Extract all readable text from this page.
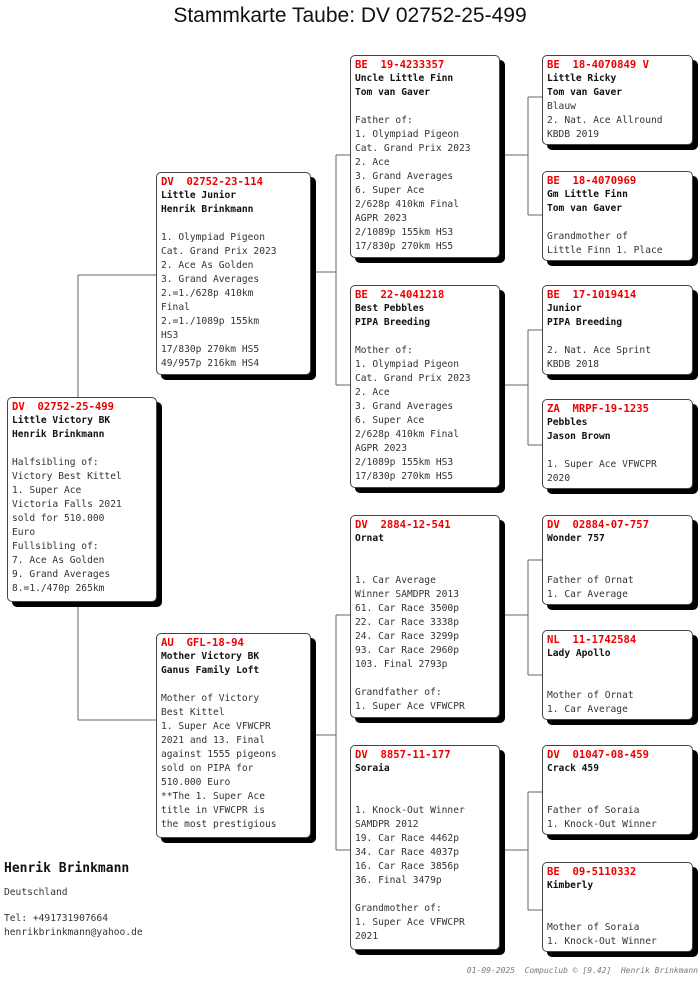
Stammkarte Taube: DV 02752-25-499
DV  02752-25-499
Little Victory BK
Henrik Brinkmann
Halfsibling of:
Victory Best Kittel
1. Super Ace
Victoria Falls 2021
sold for 510.000
Euro
Fullsibling of:
7. Ace As Golden
9. Grand Averages
8.=1./470p 265km
DV  02752-23-114
Little Junior
Henrik Brinkmann
1. Olympiad Pigeon
Cat. Grand Prix 2023
2. Ace As Golden
3. Grand Averages
2.=1./628p 410km
Final
2.=1./1089p 155km
HS3
17/830p 270km HS5
49/957p 216km HS4
AU  GFL-18-94
Mother Victory BK
Ganus Family Loft
Mother of Victory
Best Kittel
1. Super Ace VFWCPR
2021 and 13. Final
against 1555 pigeons
sold on PIPA for
510.000 Euro
**The 1. Super Ace
title in VFWCPR is
the most prestigious
BE  19-4233357
Uncle Little Finn
Tom van Gaver
Father of:
1. Olympiad Pigeon
Cat. Grand Prix 2023
2. Ace
3. Grand Averages
6. Super Ace
2/628p 410km Final
AGPR 2023
2/1089p 155km HS3
17/830p 270km HS5
BE  22-4041218
Best Pebbles
PIPA Breeding
Mother of:
1. Olympiad Pigeon
Cat. Grand Prix 2023
2. Ace
3. Grand Averages
6. Super Ace
2/628p 410km Final
AGPR 2023
2/1089p 155km HS3
17/830p 270km HS5
DV  2884-12-541
Ornat
1. Car Average
Winner SAMDPR 2013
61. Car Race 3500p
22. Car Race 3338p
24. Car Race 3299p
93. Car Race 2960p
103. Final 2793p
Grandfather of:
1. Super Ace VFWCPR
DV  8857-11-177
Soraia
1. Knock-Out Winner
SAMDPR 2012
19. Car Race 4462p
34. Car Race 4037p
16. Car Race 3856p
36. Final 3479p
Grandmother of:
1. Super Ace VFWCPR
2021
BE  18-4070849 V
Little Ricky
Tom van Gaver
Blauw
2. Nat. Ace Allround
KBDB 2019
BE  18-4070969
Gm Little Finn
Tom van Gaver
Grandmother of
Little Finn 1. Place
BE  17-1019414
Junior
PIPA Breeding
2. Nat. Ace Sprint
KBDB 2018
ZA  MRPF-19-1235
Pebbles
Jason Brown
1. Super Ace VFWCPR
2020
DV  02884-07-757
Wonder 757
Father of Ornat
1. Car Average
NL  11-1742584
Lady Apollo
Mother of Ornat
1. Car Average
DV  01047-08-459
Crack 459
Father of Soraia
1. Knock-Out Winner
BE  09-5110332
Kimberly
Mother of Soraia
1. Knock-Out Winner
Henrik Brinkmann
Deutschland
Tel: +491731907664
henrikbrinkmann@yahoo.de
01-09-2025 Compuclub © [9.42]  Henrik Brinkmann
